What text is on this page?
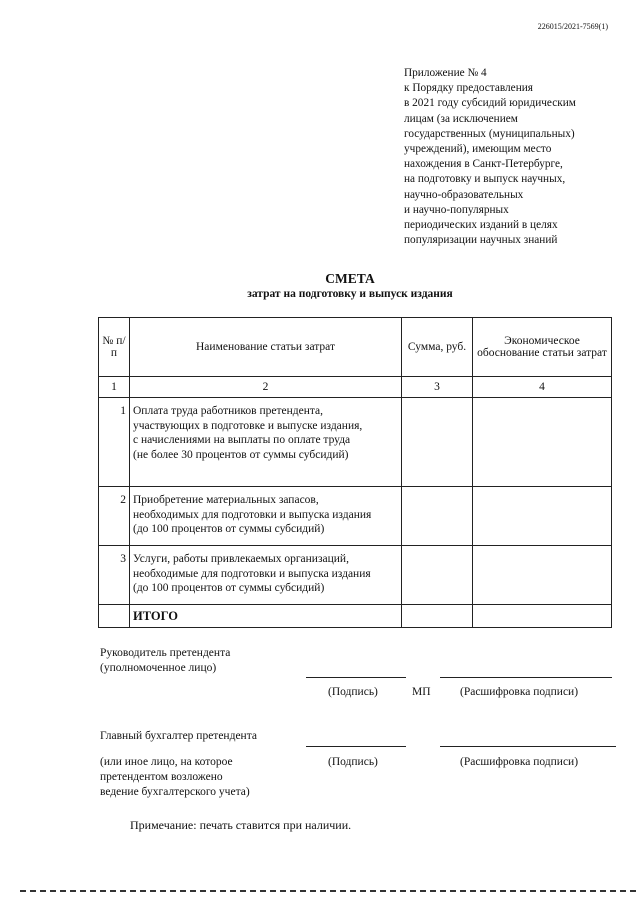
226015/2021-7569(1)
Приложение № 4
к Порядку предоставления
в 2021 году субсидий юридическим
лицам (за исключением
государственных (муниципальных)
учреждений), имеющим место
нахождения в Санкт-Петербурге,
на подготовку и выпуск научных,
научно-образовательных
и научно-популярных
периодических изданий в целях
популяризации научных знаний
СМЕТА
затрат на подготовку и выпуск издания
№ п/п	Наименование статьи затрат	Сумма, руб.	Экономическое обоснование статьи затрат
1	2	3	4
1	Оплата труда работников претендента,
участвующих в подготовке и выпуске издания,
с начислениями на выплаты по оплате труда
(не более 30 процентов от суммы субсидий)		

2	Приобретение материальных запасов,
необходимых для подготовки и выпуска издания
(до 100 процентов от суммы субсидий)		

3	Услуги, работы привлекаемых организаций,
необходимые для подготовки и выпуска издания
(до 100 процентов от суммы субсидий)		

	ИТОГО		
Руководитель претендента
(уполномоченное лицо)
(Подпись)	МП	(Расшифровка подписи)
Главный бухгалтер претендента
(или иное лицо, на которое	(Подпись)	(Расшифровка подписи)
претендентом возложено
ведение бухгалтерского учета)
Примечание: печать ставится при наличии.
